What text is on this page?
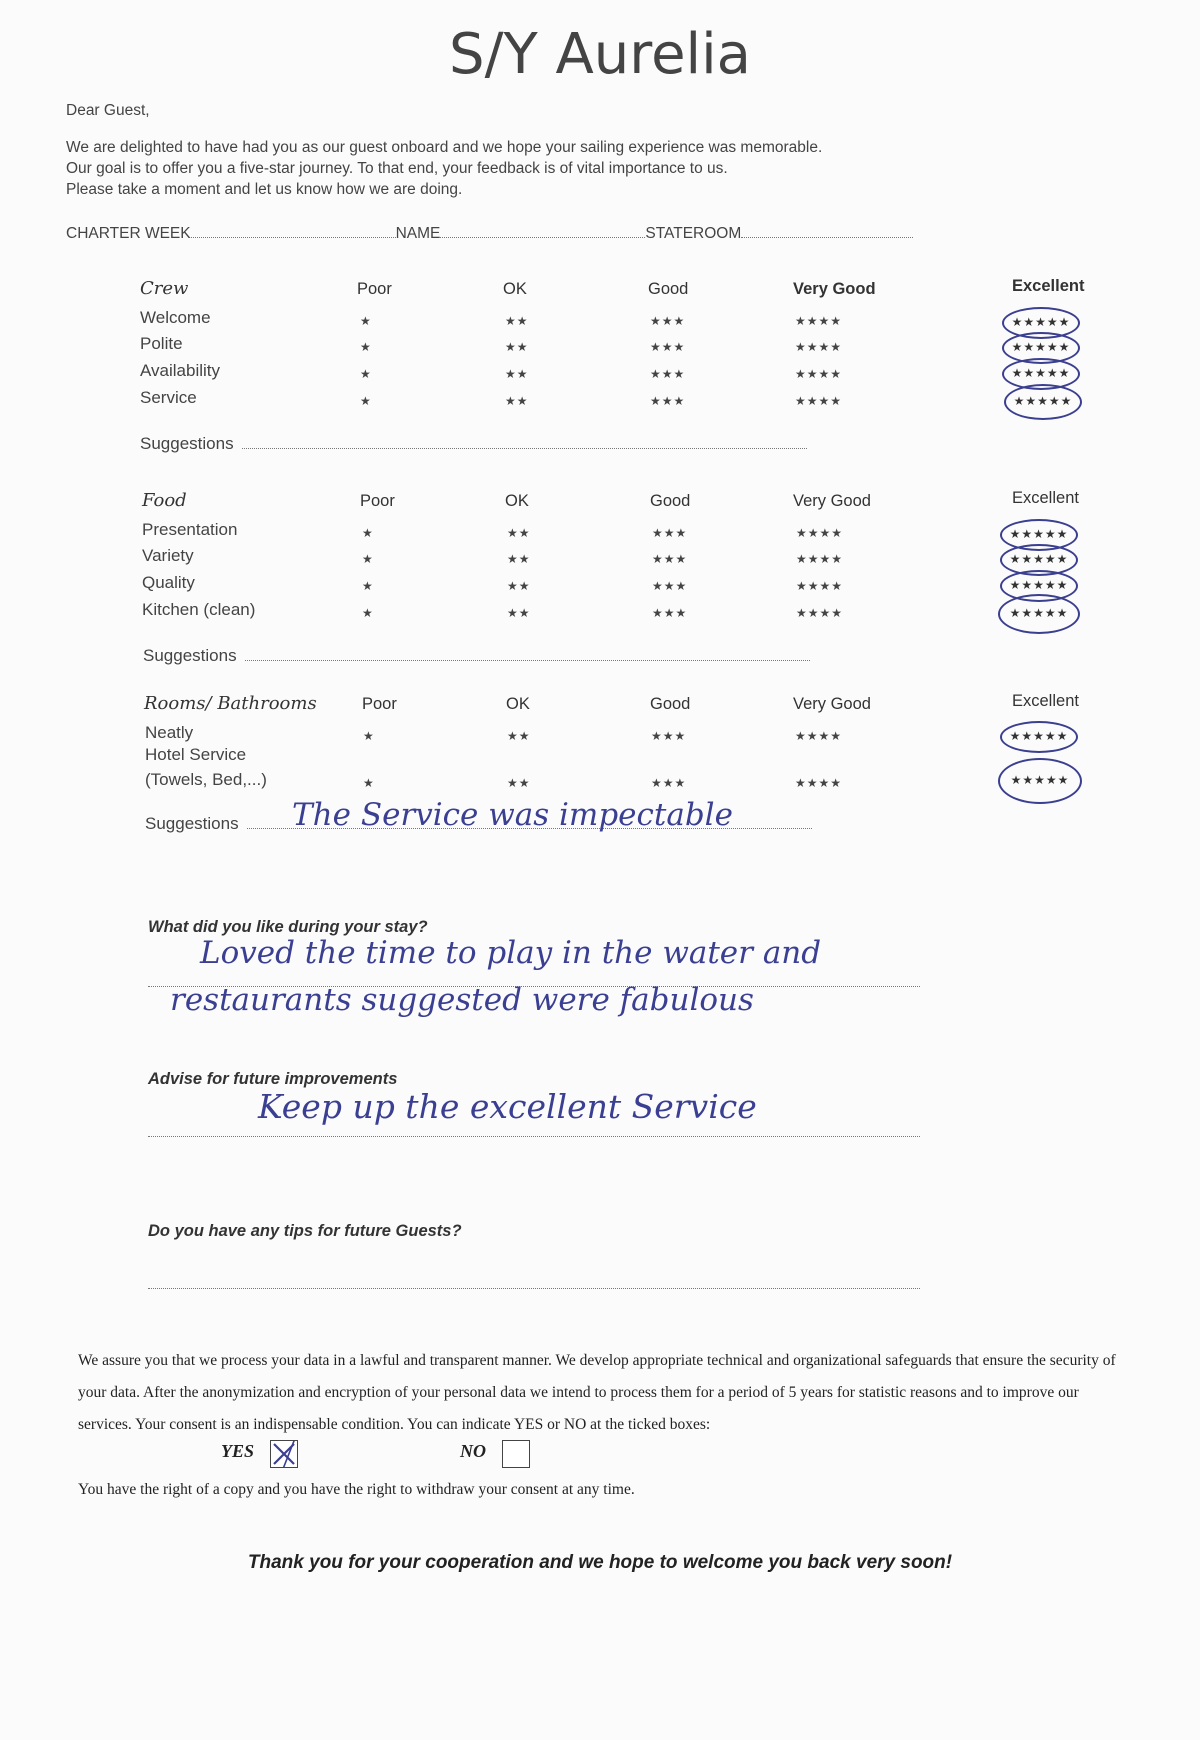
S/Y Aurelia

Dear Guest,

We are delighted to have had you as our guest onboard and we hope your sailing experience was memorable.
Our goal is to offer you a five-star journey. To that end, your feedback is of vital importance to us.
Please take a moment and let us know how we are doing.
CHARTER WEEK	NAME	STATEROOM
Crew	Poor	OK	Good	Very Good	Excellent
Welcome	★	★★	★★★	★★★★	★★★★★
Polite	★	★★	★★★	★★★★	★★★★★
Availability	★	★★	★★★	★★★★	★★★★★
Service	★	★★	★★★	★★★★	★★★★★
Suggestions
Food	Poor	OK	Good	Very Good	Excellent
Presentation	★	★★	★★★	★★★★	★★★★★
Variety	★	★★	★★★	★★★★	★★★★★
Quality	★	★★	★★★	★★★★	★★★★★
Kitchen (clean)	★	★★	★★★	★★★★	★★★★★
Suggestions
Rooms/ Bathrooms	Poor	OK	Good	Very Good	Excellent
Neatly	★	★★	★★★	★★★★	★★★★★
Hotel Service
(Towels, Bed,...)	★	★★	★★★	★★★★	★★★★★
Suggestions	The Service was impectable
What did you like during your stay?
Loved the time to play in the water and
restaurants suggested were fabulous
Advise for future improvements
Keep up the excellent Service
Do you have any tips for future Guests?

We assure you that we process your data in a lawful and transparent manner. We develop appropriate technical and organizational safeguards that ensure the security of your data. After the anonymization and encryption of your personal data we intend to process them for a period of 5 years for statistic reasons and to improve our services. Your consent is an indispensable condition. You can indicate YES or NO at the ticked boxes:

YES	NO

You have the right of a copy and you have the right to withdraw your consent at any time.

Thank you for your cooperation and we hope to welcome you back very soon!
